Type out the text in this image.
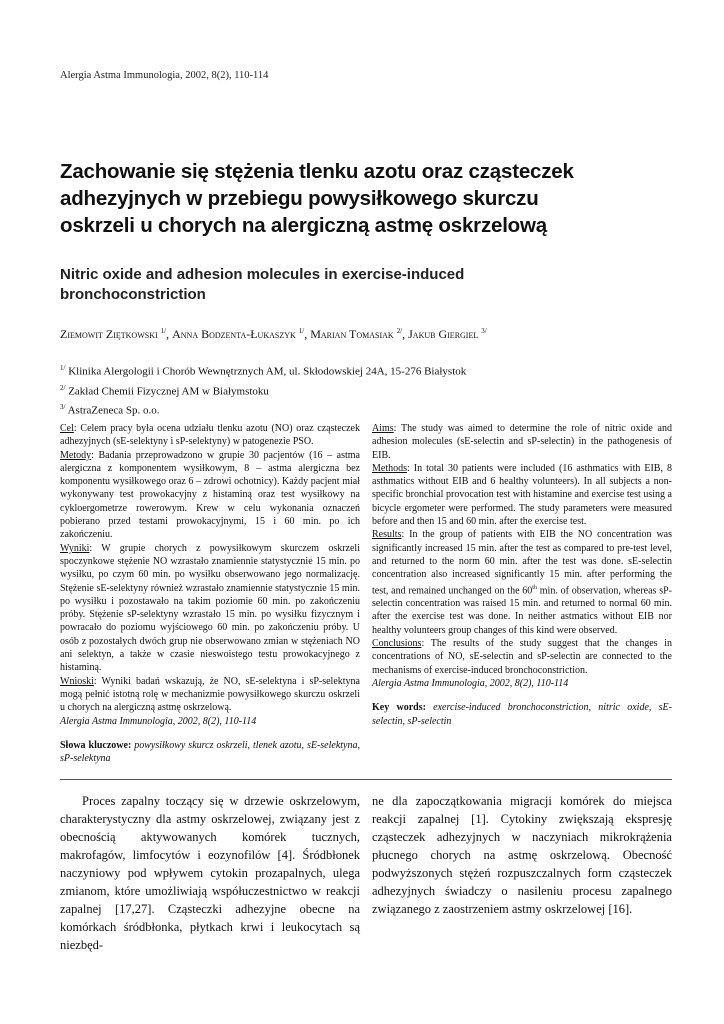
Alergia Astma Immunologia, 2002, 8(2), 110-114
Zachowanie się stężenia tlenku azotu oraz cząsteczek
adhezyjnych w przebiegu powysiłkowego skurczu
oskrzeli u chorych na alergiczną astmę oskrzelową
Nitric oxide and adhesion molecules in exercise-induced
bronchoconstriction
Ziemowit Ziętkowski $^{1/}$, Anna Bodzenta-Łukaszyk $^{1/}$, Marian Tomasiak $^{2/}$, Jakub Giergiel $^{3/}$
$^{1/}$ Klinika Alergologii i Chorób Wewnętrznych AM, ul. Skłodowskiej 24A, 15-276 Białystok
$^{2/}$ Zakład Chemii Fizycznej AM w Białymstoku
$^{3/}$ AstraZeneca Sp. o.o.

Cel: Celem pracy była ocena udziału tlenku azotu (NO) oraz cząsteczek adhezyjnych (sE-selektyny i sP-selektyny) w patogenezie PSO.

Metody: Badania przeprowadzono w grupie 30 pacjentów (16 – astma alergiczna z komponentem wysiłkowym, 8 – astma alergiczna bez komponentu wysiłkowego oraz 6 – zdrowi ochotnicy). Każdy pacjent miał wykonywany test prowokacyjny z histaminą oraz test wysiłkowy na cykloergometrze rowerowym. Krew w celu wykonania oznaczeń pobierano przed testami prowokacyjnymi, 15 i 60 min. po ich zakończeniu.

Wyniki: W grupie chorych z powysiłkowym skurczem oskrzeli spoczynkowe stężenie NO wzrastało znamiennie statystycznie 15 min. po wysiłku, po czym 60 min. po wysiłku obserwowano jego normalizację. Stężenie sE-selektyny również wzrastało znamiennie statystycznie 15 min. po wysiłku i pozostawało na takim poziomie 60 min. po zakończeniu próby. Stężenie sP-selektyny wzrastało 15 min. po wysiłku fizycznym i powracało do poziomu wyjściowego 60 min. po zakończeniu próby. U osób z pozostałych dwóch grup nie obserwowano zmian w stężeniach NO ani selektyn, a także w czasie nieswoistego testu prowokacyjnego z histaminą.

Wnioski: Wyniki badań wskazują, że NO, sE-selektyna i sP-selektyna mogą pełnić istotną rolę w mechanizmie powysiłkowego skurczu oskrzeli u chorych na alergiczną astmę oskrzelową.

Alergia Astma Immunologia, 2002, 8(2), 110-114

Słowa kluczowe: powysiłkowy skurcz oskrzeli, tlenek azotu, sE-selektyna, sP-selektyna

Aims: The study was aimed to determine the role of nitric oxide and adhesion molecules (sE-selectin and sP-selectin) in the pathogenesis of EIB.

Methods: In total 30 patients were included (16 asthmatics with EIB, 8 asthmatics without EIB and 6 healthy volunteers). In all subjects a non-specific bronchial provocation test with histamine and exercise test using a bicycle ergometer were performed. The study parameters were measured before and then 15 and 60 min. after the exercise test.

Results: In the group of patients with EIB the NO concentration was significantly increased 15 min. after the test as compared to pre-test level, and returned to the norm 60 min. after the test was done. sE-selectin concentration also increased significantly 15 min. after performing the test, and remained unchanged on the 60th min. of observation, whereas sP-selectin concentration was raised 15 min. and returned to normal 60 min. after the exercise test was done. In neither astmatics without EIB nor healthy volunteers group changes of this kind were observed.

Conclusions: The results of the study suggest that the changes in concentrations of NO, sE-selectin and sP-selectin are connected to the mechanisms of exercise-induced bronchoconstriction.

Alergia Astma Immunologia, 2002, 8(2), 110-114

Key words: exercise-induced bronchoconstriction, nitric oxide, sE-selectin, sP-selectin

Proces zapalny toczący się w drzewie oskrzelowym, charakterystyczny dla astmy oskrzelowej, związany jest z obecnością aktywowanych komórek tucznych, makrofagów, limfocytów i eozynofilów [4]. Śródbłonek naczyniowy pod wpływem cytokin prozapalnych, ulega zmianom, które umożliwiają współuczestnictwo w reakcji zapalnej [17,27]. Cząsteczki adhezyjne obecne na komórkach śródbłonka, płytkach krwi i leukocytach są niezbęd-
ne dla zapoczątkowania migracji komórek do miejsca reakcji zapalnej [1]. Cytokiny zwiększają ekspresję cząsteczek adhezyjnych w naczyniach mikrokrążenia płucnego chorych na astmę oskrzelową. Obecność podwyższonych stężeń rozpuszczalnych form cząsteczek adhezyjnych świadczy o nasileniu procesu zapalnego związanego z zaostrzeniem astmy oskrzelowej [16].
